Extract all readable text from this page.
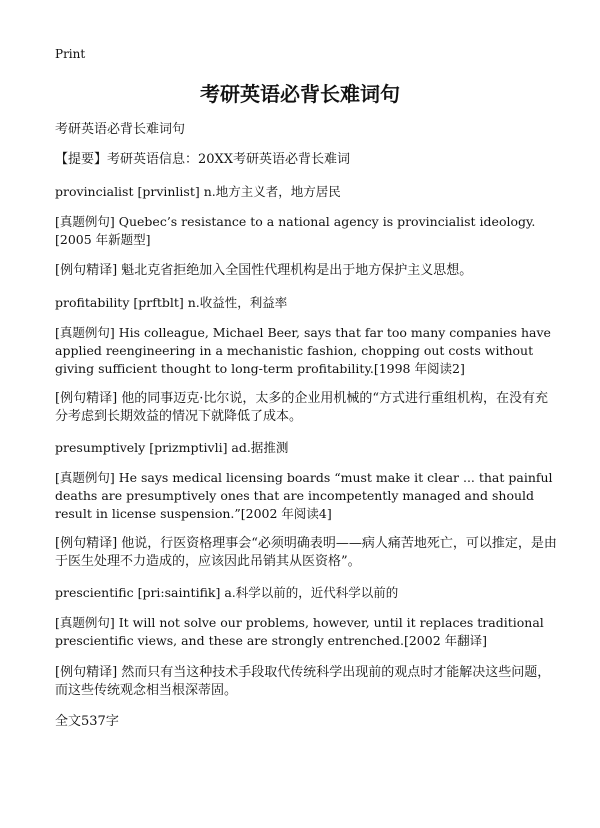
Print
考研英语必背长难词句
考研英语必背长难词句
【提要】考研英语信息：20XX考研英语必背长难词
provincialist [prvinlist] n.地方主义者，地方居民
[真题例句] Quebec’s resistance to a national agency is provincialist ideology.[2005 年新题型]
[例句精译] 魁北克省拒绝加入全国性代理机构是出于地方保护主义思想。
profitability [prftblt] n.收益性，利益率
[真题例句] His colleague, Michael Beer, says that far too many companies have applied reengineering in a mechanistic fashion, chopping out costs without giving sufficient thought to long-term profitability.[1998 年阅读2]
[例句精译] 他的同事迈克·比尔说，太多的企业用机械的“方式进行重组机构，在没有充分考虑到长期效益的情况下就降低了成本。
presumptively [prizmptivli] ad.据推测
[真题例句] He says medical licensing boards “must make it clear ... that painful deaths are presumptively ones that are incompetently managed and should result in license suspension.”[2002 年阅读4]
[例句精译] 他说，行医资格理事会“必须明确表明——病人痛苦地死亡，可以推定，是由于医生处理不力造成的，应该因此吊销其从医资格”。
prescientific [pri:saintifik] a.科学以前的，近代科学以前的
[真题例句] It will not solve our problems, however, until it replaces traditional prescientific views, and these are strongly entrenched.[2002 年翻译]
[例句精译] 然而只有当这种技术手段取代传统科学出现前的观点时才能解决这些问题，而这些传统观念相当根深蒂固。
全文537字
